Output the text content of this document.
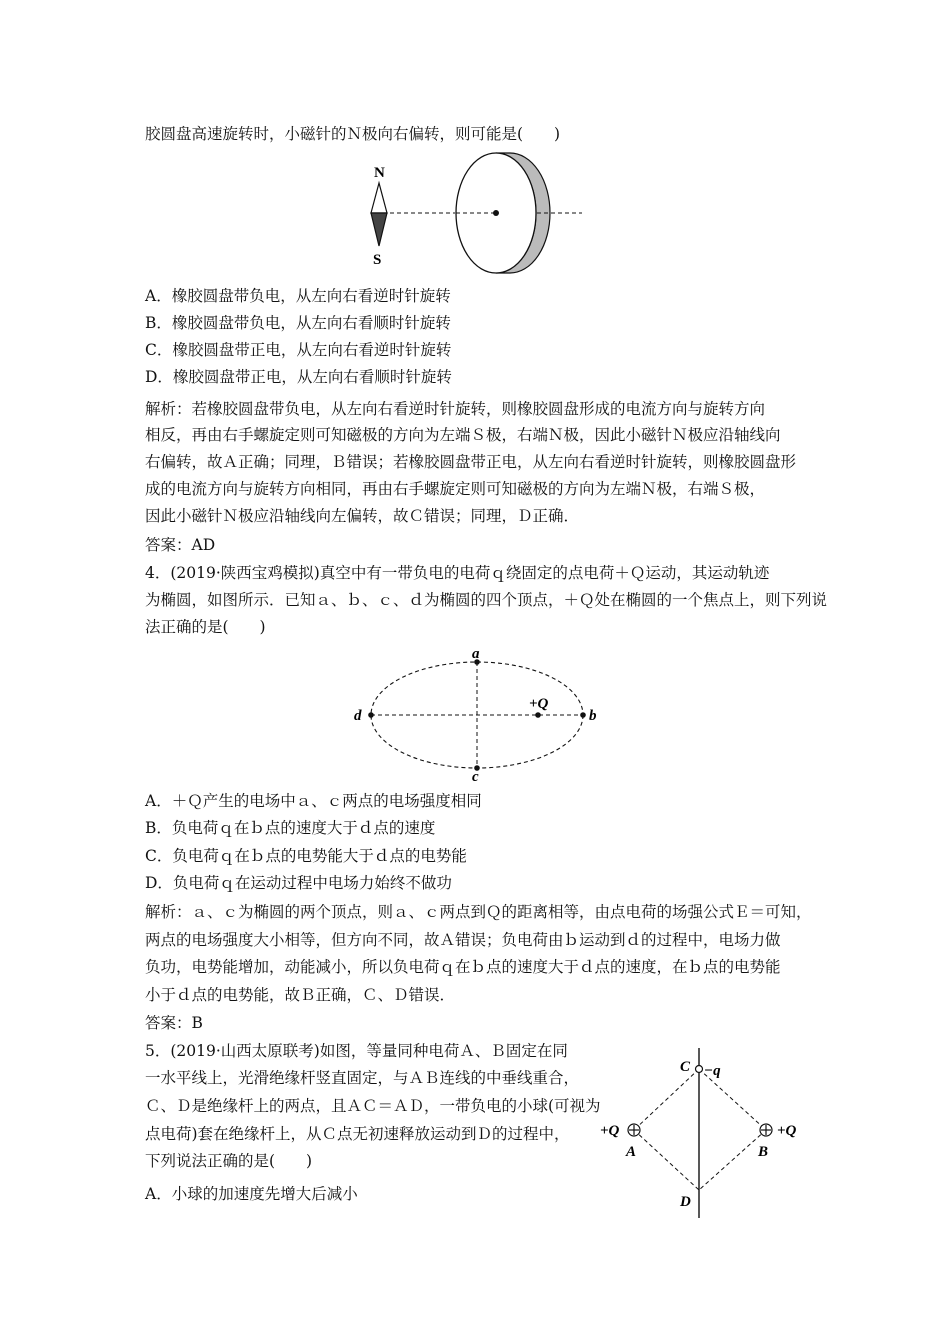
胶圆盘高速旋转时，小磁针的Ｎ极向右偏转，则可能是(　　)
N
S
A．橡胶圆盘带负电，从左向右看逆时针旋转
B．橡胶圆盘带负电，从左向右看顺时针旋转
C．橡胶圆盘带正电，从左向右看逆时针旋转
D．橡胶圆盘带正电，从左向右看顺时针旋转
解析：若橡胶圆盘带负电，从左向右看逆时针旋转，则橡胶圆盘形成的电流方向与旋转方向
相反，再由右手螺旋定则可知磁极的方向为左端Ｓ极，右端Ｎ极，因此小磁针Ｎ极应沿轴线向
右偏转，故Ａ正确；同理，Ｂ错误；若橡胶圆盘带正电，从左向右看逆时针旋转，则橡胶圆盘形
成的电流方向与旋转方向相同，再由右手螺旋定则可知磁极的方向为左端Ｎ极，右端Ｓ极，
因此小磁针Ｎ极应沿轴线向左偏转，故Ｃ错误；同理，Ｄ正确．
答案：AD
4．(2019·陕西宝鸡模拟)真空中有一带负电的电荷ｑ绕固定的点电荷＋Ｑ运动，其运动轨迹
为椭圆，如图所示．已知ａ、ｂ、ｃ、ｄ为椭圆的四个顶点，＋Ｑ处在椭圆的一个焦点上，则下列说
法正确的是(　　)
a
b
c
d
+Q
A．＋Ｑ产生的电场中ａ、ｃ两点的电场强度相同
B．负电荷ｑ在ｂ点的速度大于ｄ点的速度
C．负电荷ｑ在ｂ点的电势能大于ｄ点的电势能
D．负电荷ｑ在运动过程中电场力始终不做功
解析：ａ、ｃ为椭圆的两个顶点，则ａ、ｃ两点到Ｑ的距离相等，由点电荷的场强公式Ｅ＝可知，
两点的电场强度大小相等，但方向不同，故Ａ错误；负电荷由ｂ运动到ｄ的过程中，电场力做
负功，电势能增加，动能减小，所以负电荷ｑ在ｂ点的速度大于ｄ点的速度，在ｂ点的电势能
小于ｄ点的电势能，故Ｂ正确，Ｃ、Ｄ错误．
答案：B
5．(2019·山西太原联考)如图，等量同种电荷Ａ、Ｂ固定在同
一水平线上，光滑绝缘杆竖直固定，与ＡＢ连线的中垂线重合，
Ｃ、Ｄ是绝缘杆上的两点，且ＡＣ＝ＡＤ，一带负电的小球(可视为
点电荷)套在绝缘杆上，从Ｃ点无初速释放运动到Ｄ的过程中，
下列说法正确的是(　　)
A．小球的加速度先增大后减小
C −q
+Q	+Q
A	B
D
